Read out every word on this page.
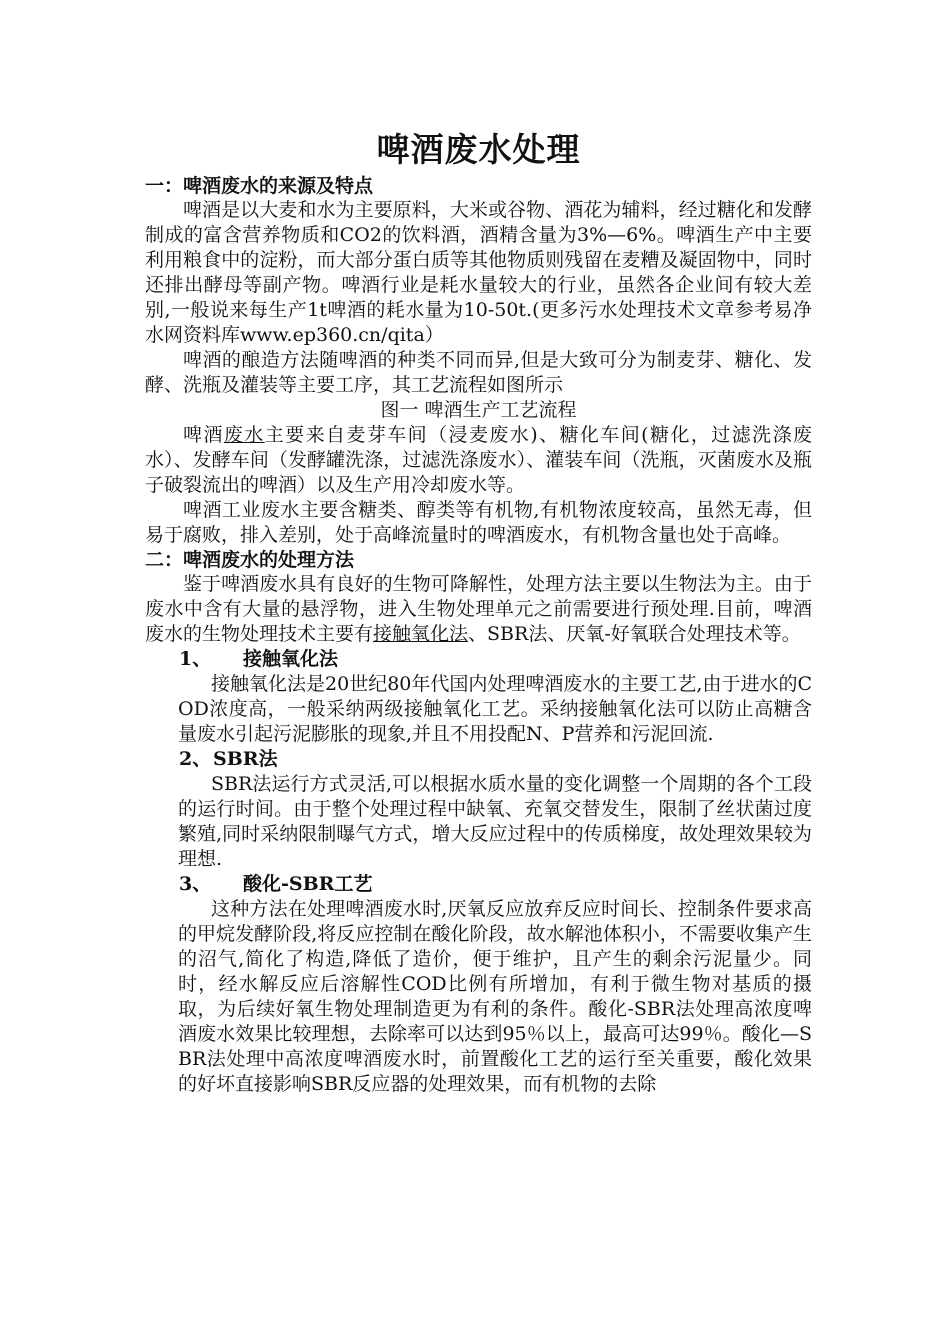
啤酒废水处理
一：啤酒废水的来源及特点

啤酒是以大麦和水为主要原料，大米或谷物、酒花为辅料，经过糖化和发酵制成的富含营养物质和CO2的饮料酒，酒精含量为3%—6%。啤酒生产中主要利用粮食中的淀粉，而大部分蛋白质等其他物质则残留在麦糟及凝固物中，同时还排出酵母等副产物。啤酒行业是耗水量较大的行业，虽然各企业间有较大差别,一般说来每生产1t啤酒的耗水量为10-50t.(更多污水处理技术文章参考易净水网资料库www.ep360.cn/qita）

啤酒的酿造方法随啤酒的种类不同而异,但是大致可分为制麦芽、糖化、发酵、洗瓶及灌装等主要工序，其工艺流程如图所示

图一 啤酒生产工艺流程

啤酒废水主要来自麦芽车间（浸麦废水)、糖化车间(糖化，过滤洗涤废水）、发酵车间（发酵罐洗涤，过滤洗涤废水）、灌装车间（洗瓶，灭菌废水及瓶子破裂流出的啤酒）以及生产用冷却废水等。

啤酒工业废水主要含糖类、醇类等有机物,有机物浓度较高，虽然无毒，但易于腐败，排入差别，处于高峰流量时的啤酒废水，有机物含量也处于高峰。

二：啤酒废水的处理方法

鉴于啤酒废水具有良好的生物可降解性，处理方法主要以生物法为主。由于废水中含有大量的悬浮物，进入生物处理单元之前需要进行预处理.目前，啤酒废水的生物处理技术主要有接触氧化法、SBR法、厌氧-好氧联合处理技术等。

1、	接触氧化法

接触氧化法是20世纪80年代国内处理啤酒废水的主要工艺,由于进水的COD浓度高，一般采纳两级接触氧化工艺。采纳接触氧化法可以防止高糖含量废水引起污泥膨胀的现象,并且不用投配N、P营养和污泥回流.

2、 SBR法

SBR法运行方式灵活,可以根据水质水量的变化调整一个周期的各个工段的运行时间。由于整个处理过程中缺氧、充氧交替发生，限制了丝状菌过度繁殖,同时采纳限制曝气方式，增大反应过程中的传质梯度，故处理效果较为理想.

3、	酸化-SBR工艺

这种方法在处理啤酒废水时,厌氧反应放弃反应时间长、控制条件要求高的甲烷发酵阶段,将反应控制在酸化阶段，故水解池体积小，不需要收集产生的沼气,简化了构造,降低了造价，便于维护，且产生的剩余污泥量少。同时，经水解反应后溶解性COD比例有所增加，有利于微生物对基质的摄取，为后续好氧生物处理制造更为有利的条件。酸化-SBR法处理高浓度啤酒废水效果比较理想，去除率可以达到95％以上，最高可达99％。酸化—SBR法处理中高浓度啤酒废水时，前置酸化工艺的运行至关重要，酸化效果的好坏直接影响SBR反应器的处理效果，而有机物的去除
